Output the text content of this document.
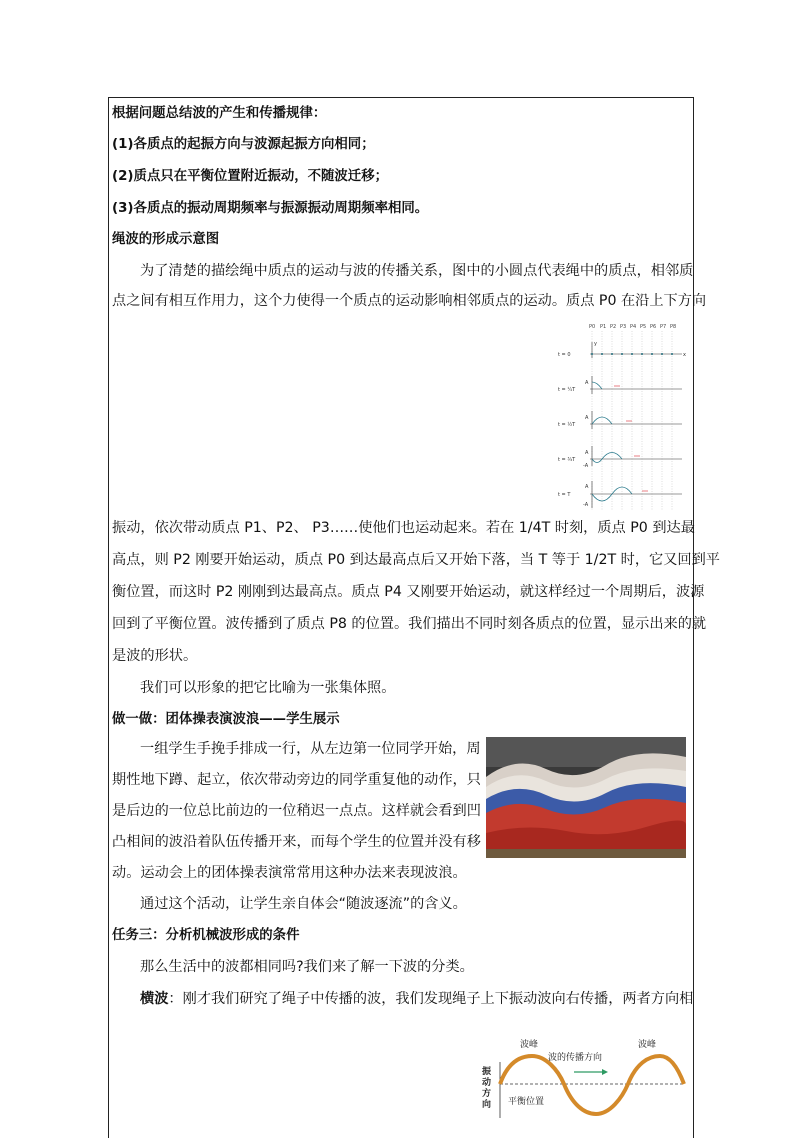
根据问题总结波的产生和传播规律：
(1)各质点的起振方向与波源起振方向相同；
(2)质点只在平衡位置附近振动，不随波迁移；
(3)各质点的振动周期频率与振源振动周期频率相同。
绳波的形成示意图
为了清楚的描绘绳中质点的运动与波的传播关系，图中的小圆点代表绳中的质点，相邻质
点之间有相互作用力，这个力使得一个质点的运动影响相邻质点的运动。质点 P0 在沿上下方向
P0 P1 P2 P3 P4 P5 P6 P7 P8
t = 0
t = ¼T
t = ½T
t = ¾T
t = T
y
x
A
A
A
-A
A
-A
振动，依次带动质点 P1、P2、 P3……使他们也运动起来。若在 1/4T 时刻，质点 P0 到达最
高点，则 P2 刚要开始运动，质点 P0 到达最高点后又开始下落，当 T 等于 1/2T 时，它又回到平
衡位置，而这时 P2 刚刚到达最高点。质点 P4 又刚要开始运动，就这样经过一个周期后，波源
回到了平衡位置。波传播到了质点 P8 的位置。我们描出不同时刻各质点的位置，显示出来的就
是波的形状。
我们可以形象的把它比喻为一张集体照。
做一做：团体操表演波浪——学生展示
一组学生手挽手排成一行，从左边第一位同学开始，周
期性地下蹲、起立，依次带动旁边的同学重复他的动作，只
是后边的一位总比前边的一位稍迟一点点。这样就会看到凹
凸相间的波沿着队伍传播开来，而每个学生的位置并没有移
动。运动会上的团体操表演常常用这种办法来表现波浪。
通过这个活动，让学生亲自体会“随波逐流”的含义。
任务三：分析机械波形成的条件
那么生活中的波都相同吗?我们来了解一下波的分类。
横波：刚才我们研究了绳子中传播的波，我们发现绳子上下振动波向右传播，两者方向相
波峰	波峰
波的传播方向
平衡位置
振
动
方
向
